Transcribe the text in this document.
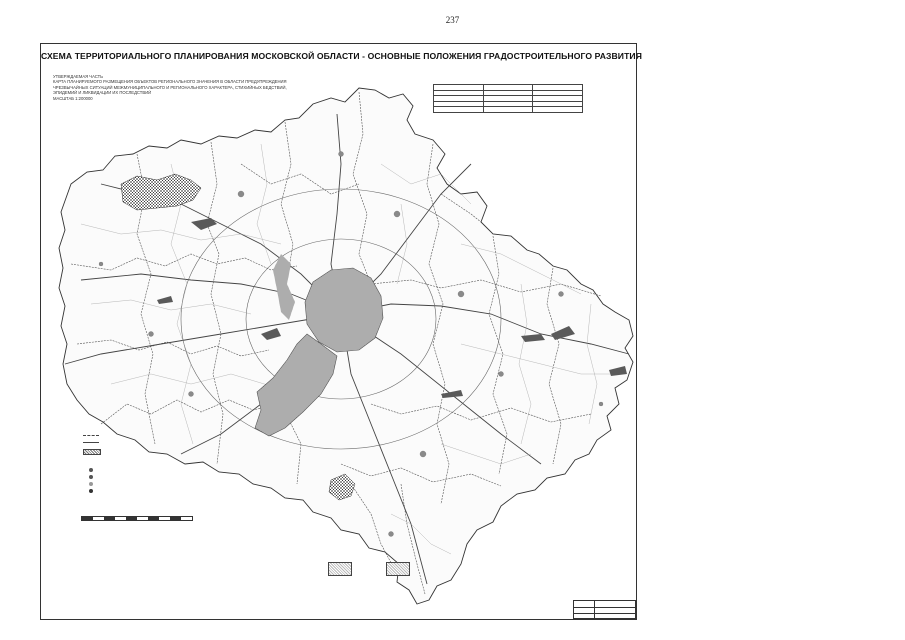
237
СХЕМА ТЕРРИТОРИАЛЬНОГО ПЛАНИРОВАНИЯ МОСКОВСКОЙ ОБЛАСТИ - ОСНОВНЫЕ ПОЛОЖЕНИЯ ГРАДОСТРОИТЕЛЬНОГО РАЗВИТИЯ
УТВЕРЖДАЕМАЯ ЧАСТЬ
КАРТА ПЛАНИРУЕМОГО РАЗМЕЩЕНИЯ ОБЪЕКТОВ РЕГИОНАЛЬНОГО ЗНАЧЕНИЯ В ОБЛАСТИ ПРЕДУПРЕЖДЕНИЯ
ЧРЕЗВЫЧАЙНЫХ СИТУАЦИЙ МЕЖМУНИЦИПАЛЬНОГО И РЕГИОНАЛЬНОГО ХАРАКТЕРА, СТИХИЙНЫХ БЕДСТВИЙ,
ЭПИДЕМИЙ И ЛИКВИДАЦИИ ИХ ПОСЛЕДСТВИЙ
МАСШТАБ 1:200000
